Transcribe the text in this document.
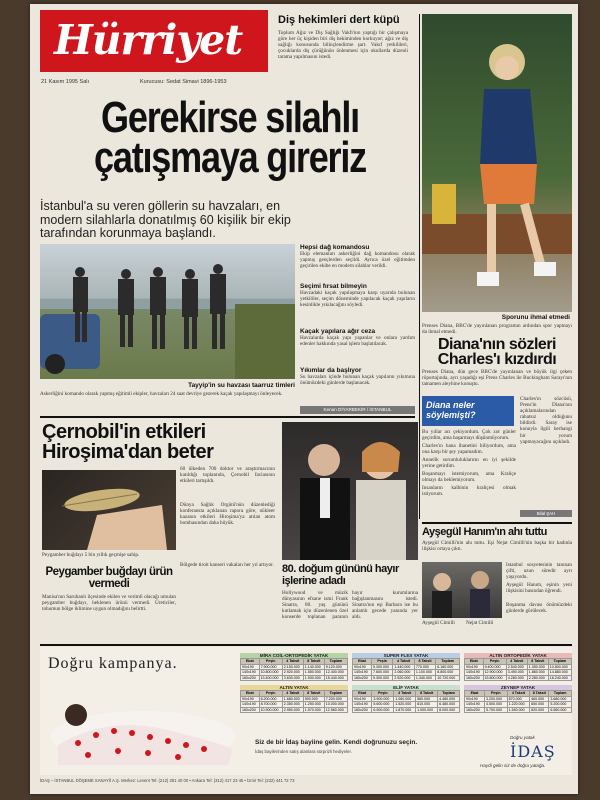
Hürriyet
21 Kasım 1995 Salı	Kurucusu: Sedat Simavi 1896-1953
Diş hekimleri dert küpü
Toplum Ağız ve Diş Sağlığı Vakfı'nın yaptığı bir çalışmaya göre her üç kişiden biri diş hekiminden korkuyor; ağız ve diş sağlığı konusunda bilinçlendirme şart. Vakıf yetkilileri, çocuklarda diş çürüğünün önlenmesi için okullarda düzenli tarama yapılmasını istedi.
Gerekirse silahlı çatışmaya gireriz
İstanbul'a su veren göllerin su havzaları, en modern silahlarla donatılmış 60 kişilik bir ekip tarafından korunmaya başlandı.
Tayyip'in su havzası taarruz timleri
Askerliğini komando olarak yapmış eğitimli ekipler, havzaları 24 saat devriye gezerek kaçak yapılaşmayı önleyecek.
Hepsi dağ komandosu
Ekip elemanları askerliğini dağ komandosu olarak yapmış gençlerden seçildi. Ayrıca özel eğitimden geçirilen ekibe en modern silahlar verildi.
Seçimi fırsat bilmeyin
Havzadaki kaçak yapılaşmaya karşı uyarıda bulunan yetkililer, seçim döneminde yapılacak kaçak yapıların kesinlikle yıkılacağını söyledi.
Kaçak yapılara ağır ceza
Havzalarda kaçak yapı yapanlar ve onlara yardım edenler hakkında yasal işlem başlatılacak.
Yıkımlar da başlıyor
Su havzaları içinde bulunan kaçak yapıların yıkımına önümüzdeki günlerde başlanacak.
Kenan DİYARBEKİR / İSTANBUL
Sporunu ihmal etmedi
Prenses Diana, BBC'de yayınlanan programın ardından spor yapmayı da ihmal etmedi.
Diana'nın sözleri Charles'ı kızdırdı
Prenses Diana, dün gece BBC'de yayınlanan ve büyük ilgi çeken röportajında, ayrı yaşadığı eşi Prens Charles ile Buckingham Sarayı'nın tamamen aleyhine konuştu.
Diana neler söylemişti?
Bu yıllar acı çekiyordum. Çok zor günler geçirdim, ama başarmayı düşünmüyorum.
Charles'ın bana ihanetini biliyordum, ama ona karşı bir şey yapamadım.
Annelik sorumluluklarımı en iyi şekilde yerine getirdim.
Boşanmayı istemiyorum, ama Kraliçe olmayı da beklemiyorum.
İnsanların kalbinin kraliçesi olmak istiyorum.
Charles'ın sözcüsü, Prens'in Diana'nın açıklamalarından rahatsız olduğunu bildirdi. Saray ise konuyla ilgili herhangi bir yorum yapmayacağını açıkladı.
Bilal ŞAH
Çernobil'in etkileri Hiroşima'dan beter
60 ülkeden 700 doktor ve araştırmacının katıldığı toplantıda, Çernobil faciasının etkileri tartışıldı.
Dünya Sağlık Örgütü'nün düzenlediği konferansta açıklanan rapora göre, nükleer kazanın etkileri Hiroşima'ya atılan atom bombasından daha büyük.
Bölgede tiroit kanseri vakaları her yıl artıyor.
Peygamber buğdayı 5 bin yıllık geçmişe sahip.
Peygamber buğdayı ürün vermedi
Manisa'nın Saruhanlı ilçesinde ekilen ve verimli olacağı umulan peygamber buğdayı, beklenen ürünü vermedi. Üreticiler, tohumun bölge iklimine uygun olmadığını belirtti.
80. doğum gününü hayır işlerine adadı
Hollywood ve müzik dünyasının efsane ismi Frank Sinatra, 80. yaş gününü kutlamak için düzenlenen özel konserde toplanan paranın hayır kurumlarına bağışlanmasını istedi. Sinatra'nın eşi Barbara ise bu anlamlı gecede yanında yer aldı.
Ayşegül Hanım'ın ahı tuttu
Ayşegül Cimilli'nin ahı tuttu. Eşi Nejat Cimilli'nin başka bir kadınla ilişkisi ortaya çıktı.
Ayşegül Cimilli	Nejat Cimilli
İstanbul sosyetesinin tanınan çifti, uzun süredir ayrı yaşıyordu.
Ayşegül Hanım, eşinin yeni ilişkisini basından öğrendi.
Boşanma davası önümüzdeki günlerde görülecek.
Doğru kampanya.	MİRA COİL-ORTOPEDİK YATAK
Ebat	Peşin	4 Taksit	8 Taksit	Toplam
90x190	7.900.000	2.150.000	1.140.000	9.120.000
140x190	10.800.000	2.920.000	1.550.000	12.400.000
160x200	13.400.000	3.630.000	1.930.000	15.440.000
SUPER FLEX YATAK
Ebat	Peşin	4 Taksit	8 Taksit	Toplam
90x190	5.300.000	1.440.000	770.000	6.160.000
140x190	7.600.000	2.060.000	1.100.000	8.800.000
160x200	9.300.000	2.520.000	1.340.000	10.720.000
ALTIN ORTOPEDİK YATAK
Ebat	Peşin	4 Taksit	8 Taksit	Toplam
90x190	9.400.000	2.540.000	1.350.000	10.800.000
140x190	12.900.000	3.490.000	1.860.000	14.880.000
160x200	15.800.000	4.280.000	2.280.000	18.240.000
ALTIN YATAK
Ebat	Peşin	4 Taksit	8 Taksit	Toplam
90x190	6.200.000	1.680.000	900.000	7.200.000
140x190	8.700.000	2.350.000	1.250.000	10.000.000
160x200	10.900.000	2.950.000	1.570.000	12.560.000
ELİF YATAK
Ebat	Peşin	4 Taksit	8 Taksit	Toplam
90x190	3.900.000	1.060.000	560.000	4.480.000
140x190	5.600.000	1.520.000	810.000	6.480.000
160x200	6.900.000	1.870.000	1.000.000	8.000.000
ZEYNEP YATAK
Ebat	Peşin	4 Taksit	8 Taksit	Toplam
90x190	3.200.000	870.000	460.000	3.680.000
140x190	4.500.000	1.220.000	650.000	5.200.000
160x200	5.700.000	1.540.000	820.000	6.560.000
Siz de bir İdaş bayiine gelin. Kendi doğrunuzu seçin.
İdaş bayilerinden satış alanlara sürprizli hediyeler.
Doğru yatak
İDAŞ
Haydi gelin siz de doğru yatağa.
İDAŞ – İSTANBUL DÖŞEME SANAYİİ A.Ş. Merkez: Levent Tel: (212) 281 40 00 • Ankara Tel: (312) 417 23 45 • İzmir Tel: (232) 441 72 73
